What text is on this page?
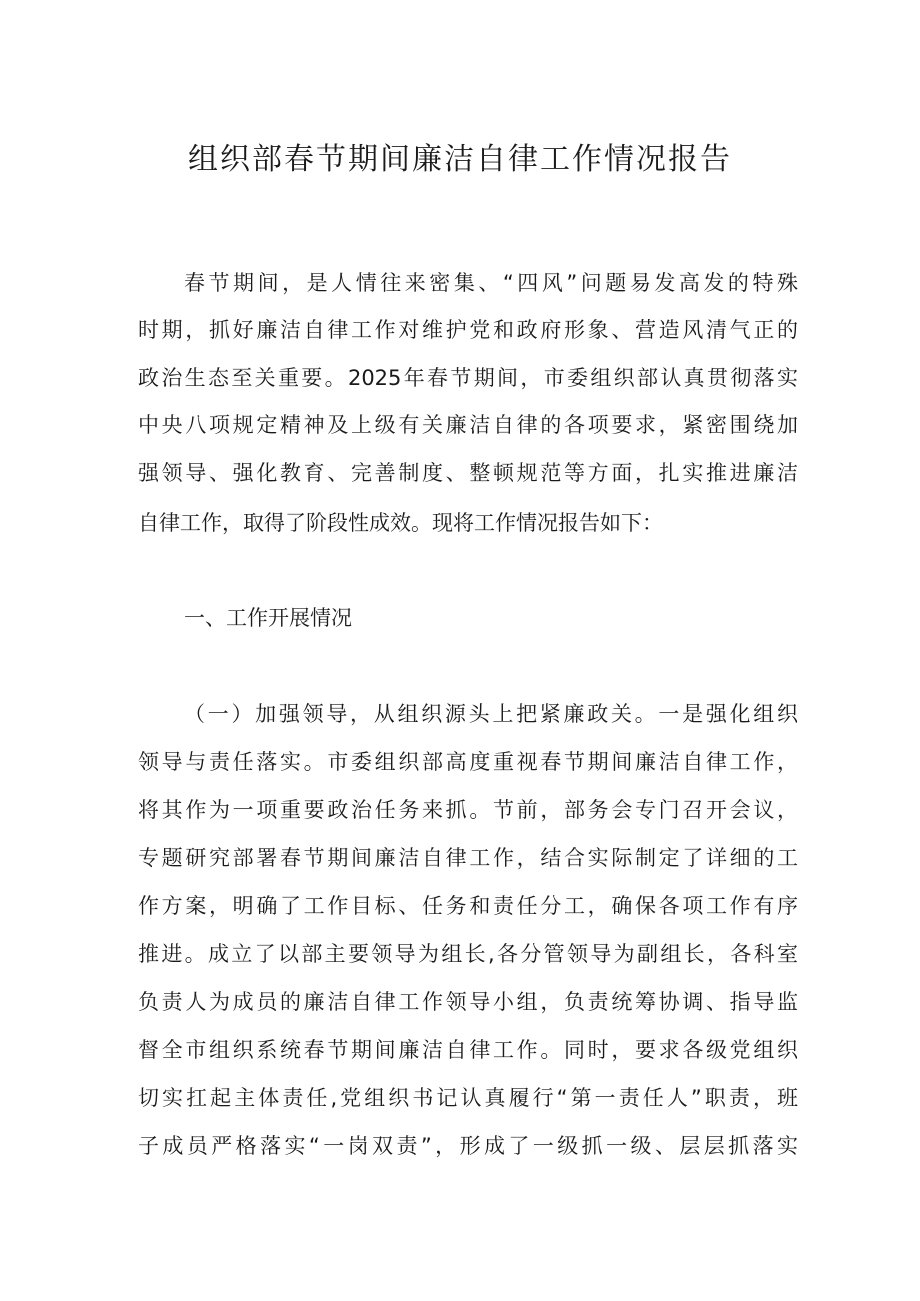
组织部春节期间廉洁自律工作情况报告

春节期间，是人情往来密集、“四风”问题易发高发的特殊

时期，抓好廉洁自律工作对维护党和政府形象、营造风清气正的

政治生态至关重要。2025年春节期间，市委组织部认真贯彻落实

中央八项规定精神及上级有关廉洁自律的各项要求，紧密围绕加

强领导、强化教育、完善制度、整顿规范等方面，扎实推进廉洁

自律工作，取得了阶段性成效。现将工作情况报告如下：

一、工作开展情况

（一）加强领导，从组织源头上把紧廉政关。一是强化组织

领导与责任落实。市委组织部高度重视春节期间廉洁自律工作，

将其作为一项重要政治任务来抓。节前，部务会专门召开会议，

专题研究部署春节期间廉洁自律工作，结合实际制定了详细的工

作方案，明确了工作目标、任务和责任分工，确保各项工作有序

推进。成立了以部主要领导为组长,各分管领导为副组长，各科室

负责人为成员的廉洁自律工作领导小组，负责统筹协调、指导监

督全市组织系统春节期间廉洁自律工作。同时，要求各级党组织

切实扛起主体责任,党组织书记认真履行“第一责任人”职责，班

子成员严格落实“一岗双责”，形成了一级抓一级、层层抓落实
